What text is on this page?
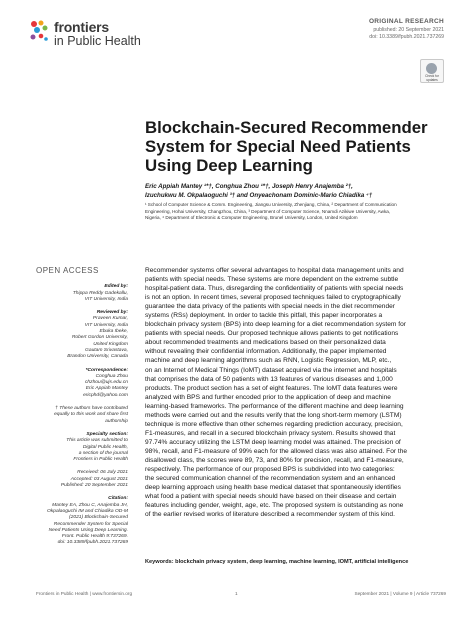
frontiers
in Public Health
ORIGINAL RESEARCH
published: 20 September 2021
doi: 10.3389/fpubh.2021.737269
Check for updates
Blockchain-Secured Recommender
System for Special Need Patients
Using Deep Learning
Eric Appiah Mantey ¹*†, Conghua Zhou ¹*†, Joseph Henry Anajemba ²†,
Izuchukwu M. Okpalaoguchi ³† and Onyeachonam Dominic-Mario Chiadika ⁴†
¹ School of Computer Science & Comm. Engineering, Jiangsu University, Zhenjiang, China, ² Department of Communication
Engineering, Hohai University, Changzhou, China, ³ Department of Computer Science, Nnamdi Azikiwe University, Awka,
Nigeria, ⁴ Department of Electronic & Computer Engineering, Brunel University, London, United Kingdom
OPEN ACCESS
Edited by:
Thippa Reddy Gadekallu,
VIT University, India
Reviewed by:
Praveen Kumar,
VIT University, India
Ebuka Ibeke,
Robert Gordon University,
United Kingdom
Gautam Srivastava,
Brandon University, Canada
*Correspondence:
Conghua Zhou
chzhou@ujs.edu.cn
Eric Appiah Mantey
ericphd@yahoo.com
† These authors have contributed
equally to this work and share first
authorship
Specialty section:
This article was submitted to
Digital Public Health,
a section of the journal
Frontiers in Public Health
Received: 06 July 2021
Accepted: 03 August 2021
Published: 20 September 2021
Citation:
Mantey EA, Zhou C, Anajemba JH,
Okpalaoguchi IM and Chiadika OD-M
(2021) Blockchain-Secured
Recommender System for Special
Need Patients Using Deep Learning.
Front. Public Health 9:737269.
doi: 10.3389/fpubh.2021.737269
Recommender systems offer several advantages to hospital data management units and
patients with special needs. These systems are more dependent on the extreme subtle
hospital-patient data. Thus, disregarding the confidentiality of patients with special needs
is not an option. In recent times, several proposed techniques failed to cryptographically
guarantee the data privacy of the patients with special needs in the diet recommender
systems (RSs) deployment. In order to tackle this pitfall, this paper incorporates a
blockchain privacy system (BPS) into deep learning for a diet recommendation system for
patients with special needs. Our proposed technique allows patients to get notifications
about recommended treatments and medications based on their personalized data
without revealing their confidential information. Additionally, the paper implemented
machine and deep learning algorithms such as RNN, Logistic Regression, MLP, etc.,
on an Internet of Medical Things (IoMT) dataset acquired via the internet and hospitals
that comprises the data of 50 patients with 13 features of various diseases and 1,000
products. The product section has a set of eight features. The IoMT data features were
analyzed with BPS and further encoded prior to the application of deep and machine
learning-based frameworks. The performance of the different machine and deep learning
methods were carried out and the results verify that the long short-term memory (LSTM)
technique is more effective than other schemes regarding prediction accuracy, precision,
F1-measures, and recall in a secured blockchain privacy system. Results showed that
97.74% accuracy utilizing the LSTM deep learning model was attained. The precision of
98%, recall, and F1-measure of 99% each for the allowed class was also attained. For the
disallowed class, the scores were 89, 73, and 80% for precision, recall, and F1-measure,
respectively. The performance of our proposed BPS is subdivided into two categories:
the secured communication channel of the recommendation system and an enhanced
deep learning approach using health base medical dataset that spontaneously identifies
what food a patient with special needs should have based on their disease and certain
features including gender, weight, age, etc. The proposed system is outstanding as none
of the earlier revised works of literature described a recommender system of this kind.
Keywords: blockchain privacy system, deep learning, machine learning, IOMT, artificial intelligence
Frontiers in Public Health | www.frontiersin.org	1	September 2021 | Volume 9 | Article 737269
